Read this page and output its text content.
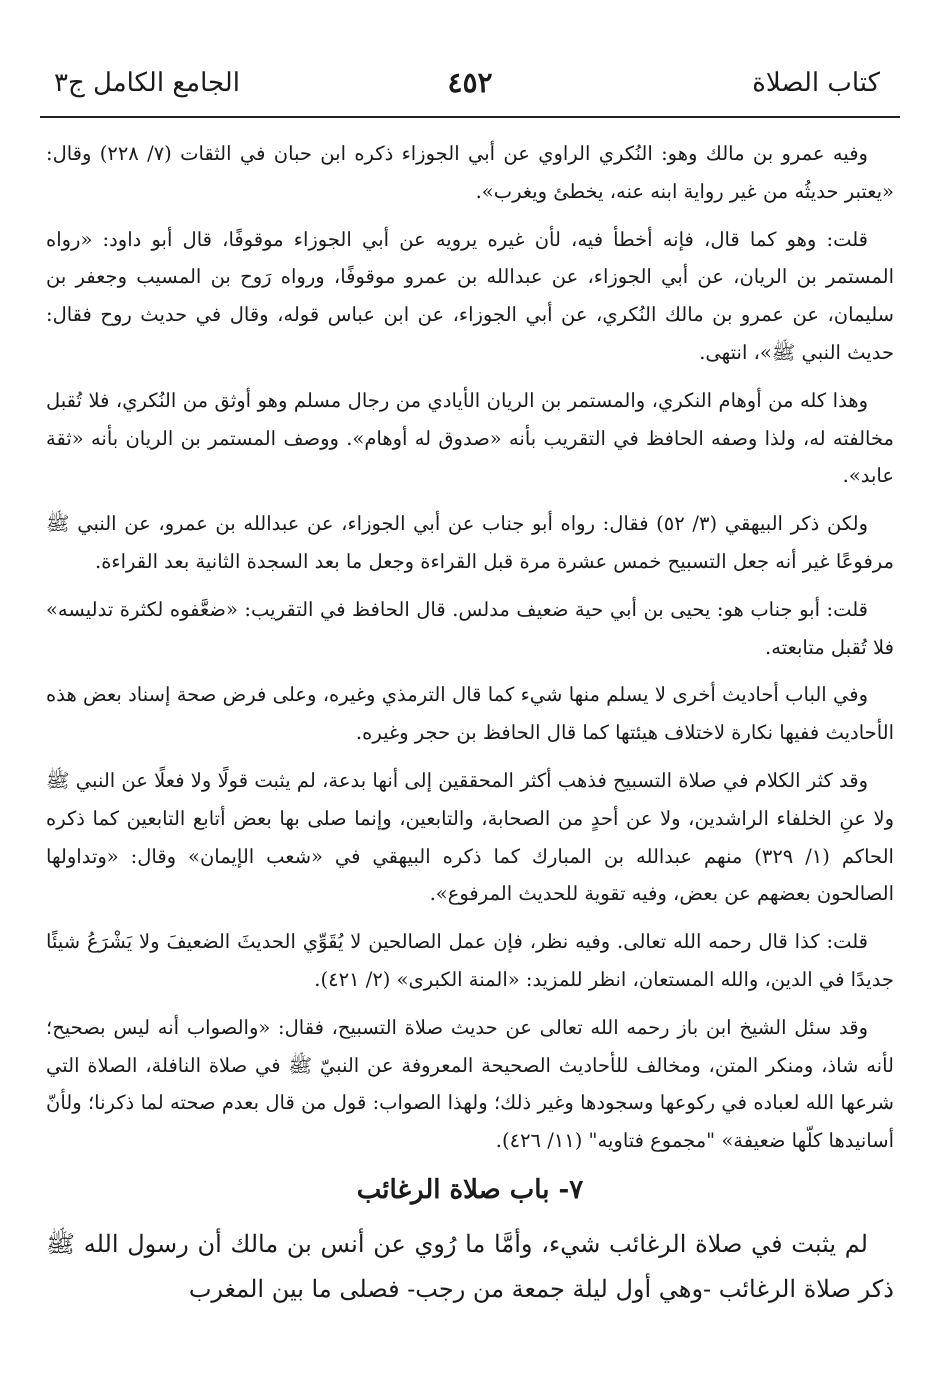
كتاب الصلاة
٤٥٢
الجامع الكامل ج٣

وفيه عمرو بن مالك وهو: النُكري الراوي عن أبي الجوزاء ذكره ابن حبان في الثقات (٧/ ٢٢٨) وقال: «يعتبر حديثُه من غير رواية ابنه عنه، يخطئ ويغرب».

قلت: وهو كما قال، فإنه أخطأ فيه، لأن غيره يرويه عن أبي الجوزاء موقوفًا، قال أبو داود: «رواه المستمر بن الريان، عن أبي الجوزاء، عن عبدالله بن عمرو موقوفًا، ورواه رَوح بن المسيب وجعفر بن سليمان، عن عمرو بن مالك النُكري، عن أبي الجوزاء، عن ابن عباس قوله، وقال في حديث روح فقال: حديث النبي ﷺ»، انتهى.

وهذا كله من أوهام النكري، والمستمر بن الريان الأيادي من رجال مسلم وهو أوثق من النُكري، فلا تُقبل مخالفته له، ولذا وصفه الحافظ في التقريب بأنه «صدوق له أوهام». ووصف المستمر بن الريان بأنه «ثقة عابد».

ولكن ذكر البيهقي (٣/ ٥٢) فقال: رواه أبو جناب عن أبي الجوزاء، عن عبدالله بن عمرو، عن النبي ﷺ مرفوعًا غير أنه جعل التسبيح خمس عشرة مرة قبل القراءة وجعل ما بعد السجدة الثانية بعد القراءة.

قلت: أبو جناب هو: يحيى بن أبي حية ضعيف مدلس. قال الحافظ في التقريب: «ضعَّفوه لكثرة تدليسه» فلا تُقبل متابعته.

وفي الباب أحاديث أخرى لا يسلم منها شيء كما قال الترمذي وغيره، وعلى فرض صحة إسناد بعض هذه الأحاديث ففيها نكارة لاختلاف هيئتها كما قال الحافظ بن حجر وغيره.

وقد كثر الكلام في صلاة التسبيح فذهب أكثر المحققين إلى أنها بدعة، لم يثبت قولًا ولا فعلًا عن النبي ﷺ ولا عنِ الخلفاء الراشدين، ولا عن أحدٍ من الصحابة، والتابعين، وإنما صلى بها بعض أتابع التابعين كما ذكره الحاكم (١/ ٣٢٩) منهم عبدالله بن المبارك كما ذكره البيهقي في «شعب الإيمان» وقال: «وتداولها الصالحون بعضهم عن بعض، وفيه تقوية للحديث المرفوع».

قلت: كذا قال رحمه الله تعالى. وفيه نظر، فإن عمل الصالحين لا يُقَوِّي الحديثَ الضعيفَ ولا يَشْرَعُ شيئًا جديدًا في الدين، والله المستعان، انظر للمزيد: «المنة الكبرى» (٢/ ٤٢١).

وقد سئل الشيخ ابن باز رحمه الله تعالى عن حديث صلاة التسبيح، فقال: «والصواب أنه ليس بصحيح؛ لأنه شاذ، ومنكر المتن، ومخالف للأحاديث الصحيحة المعروفة عن النبيّ ﷺ في صلاة النافلة، الصلاة التي شرعها الله لعباده في ركوعها وسجودها وغير ذلك؛ ولهذا الصواب: قول من قال بعدم صحته لما ذكرنا؛ ولأنّ أسانيدها كلّها ضعيفة» "مجموع فتاويه" (١١/ ٤٢٦).

٧- باب صلاة الرغائب

لم يثبت في صلاة الرغائب شيء، وأمَّا ما رُوي عن أنس بن مالك أن رسول الله ﷺ ذكر صلاة الرغائب -وهي أول ليلة جمعة من رجب- فصلى ما بين المغرب
